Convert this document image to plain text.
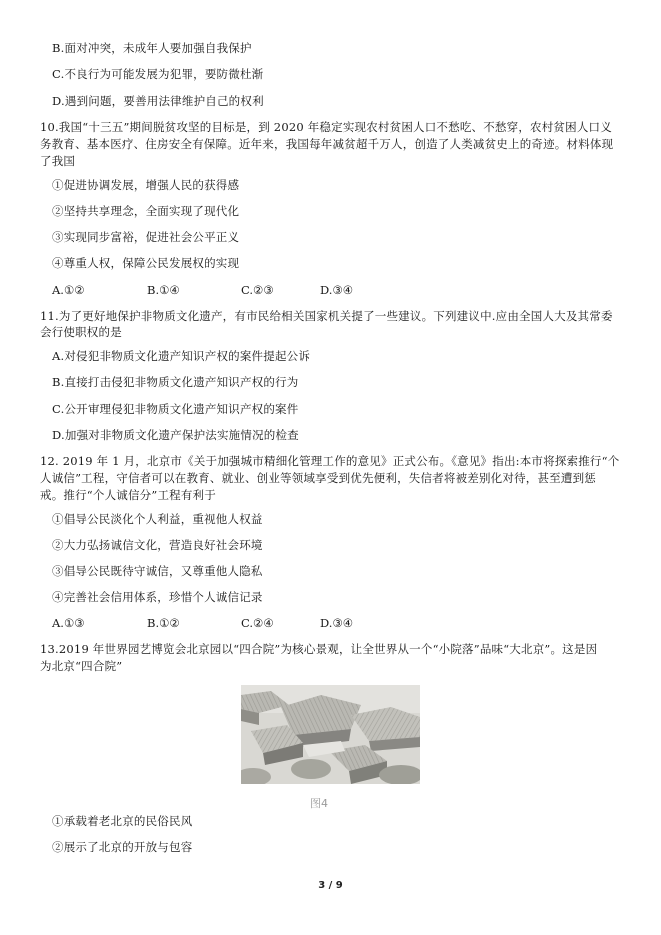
B.面对冲突，未成年人要加强自我保护
C.不良行为可能发展为犯罪，要防微杜渐
D.遇到问题，要善用法律维护自己的权利
10.我国“十三五”期间脱贫攻坚的目标是，到 2020 年稳定实现农村贫困人口不愁吃、不愁穿，农村贫困人口义
务教育、基本医疗、住房安全有保障。近年来，我国每年减贫超千万人，创造了人类减贫史上的奇迹。材料体现
了我国
①促进协调发展，增强人民的获得感
②坚持共享理念，全面实现了现代化
③实现同步富裕，促进社会公平正义
④尊重人权，保障公民发展权的实现
A.①②	B.①④	C.②③	D.③④
11.为了更好地保护非物质文化遗产，有市民给相关国家机关提了一些建议。下列建议中.应由全国人大及其常委
会行使职权的是
A.对侵犯非物质文化遗产知识产权的案件提起公诉
B.直接打击侵犯非物质文化遗产知识产权的行为
C.公开审理侵犯非物质文化遗产知识产权的案件
D.加强对非物质文化遗产保护法实施情况的检查
12. 2019 年 1 月，北京市《关于加强城市精细化管理工作的意见》正式公布。《意见》指出:本市将探索推行“个
人诚信”工程，守信者可以在教育、就业、创业等领域享受到优先便利，失信者将被差别化对待，甚至遭到惩
戒。推行“个人诚信分”工程有利于
①倡导公民淡化个人利益，重视他人权益
②大力弘扬诚信文化，营造良好社会环境
③倡导公民既待守诚信，又尊重他人隐私
④完善社会信用体系，珍惜个人诚信记录
A.①③	B.①②	C.②④	D.③④
13.2019 年世界园艺博览会北京园以“四合院”为核心景观，让全世界从一个“小院落”品味“大北京”。这是因
为北京“四合院”
图4
①承载着老北京的民俗民风
②展示了北京的开放与包容
3 / 9
